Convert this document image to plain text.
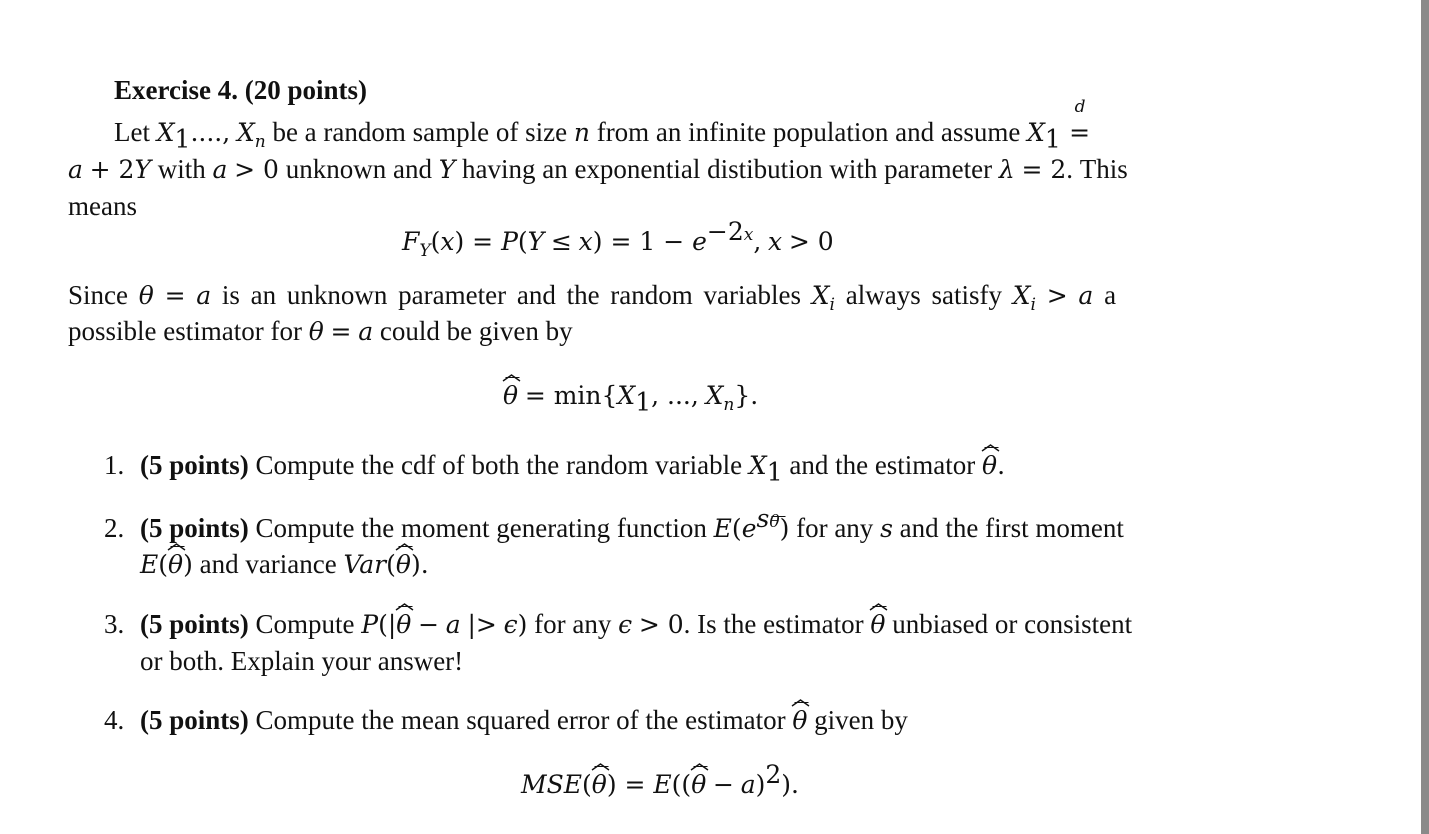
Exercise 4. (20 points)
Let $X_1$...., $X_n$ be a random sample of size n from an infinite population and assume $X_1$
d
=
a + 2Y with a > 0 unknown and Y having an exponential distibution with parameter λ = 2. This
means
$F_Y(x) = P(Y \le x) = 1 - e^{-2x}$, x > 0
Since θ = a is an unknown parameter and the random variables $X_i$ always satisfy $X_i > a$ a
possible estimator for θ = a could be given by
$\theta = \min\{X_1$, ..., $X_n$}.
1. (5 points) Compute the cdf of both the random variable $X_1$ and the estimator θ
.
2. (5 points) Compute the moment generating function $E(e^{s\theta})$ for any s and the first moment
E(θ
) and variance Var(θ
).
3. (5 points) Compute P(|θ − a |> ϵ) for any ϵ > 0. Is the estimator θ unbiased or consistent
or both. Explain your answer!
4. (5 points) Compute the mean squared error of the estimator θ given by
MSE(θ
) = $E((\theta - a)^2)$.
